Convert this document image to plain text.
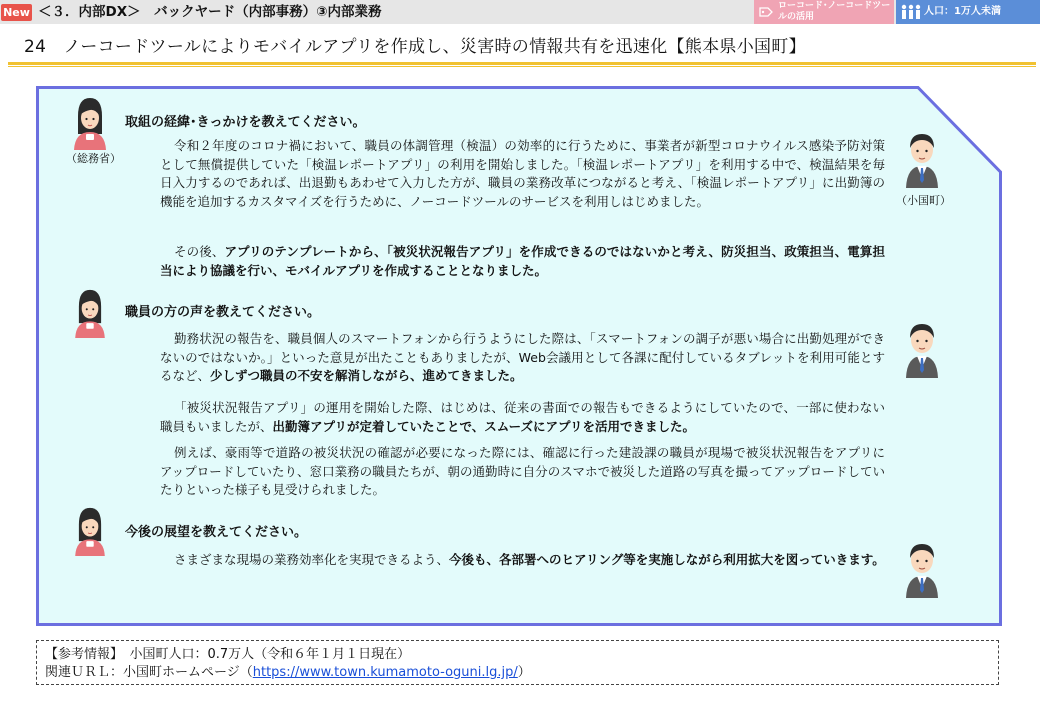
New ＜３．内部DX＞　バックヤード（内部事務）③内部業務	ローコード･ノーコードツールの活用	人口：1万人未満
24　ノーコードツールによりモバイルアプリを作成し、災害時の情報共有を迅速化【熊本県小国町】
（総務省）
（小国町）
取組の経緯･きっかけを教えてください。

令和２年度のコロナ禍において、職員の体調管理（検温）の効率的に行うために、事業者が新型コロナウイルス感染予防対策として無償提供していた「検温レポートアプリ」の利用を開始しました。「検温レポートアプリ」を利用する中で、検温結果を毎日入力するのであれば、出退勤もあわせて入力した方が、職員の業務改革につながると考え、「検温レポートアプリ」に出勤簿の機能を追加するカスタマイズを行うために、ノーコードツールのサービスを利用しはじめました。

その後、アプリのテンプレートから、「被災状況報告アプリ」を作成できるのではないかと考え、防災担当、政策担当、電算担当により協議を行い、モバイルアプリを作成することとなりました。

職員の方の声を教えてください。

勤務状況の報告を、職員個人のスマートフォンから行うようにした際は、「スマートフォンの調子が悪い場合に出勤処理ができないのではないか。」といった意見が出たこともありましたが、Web会議用として各課に配付しているタブレットを利用可能とするなど、少しずつ職員の不安を解消しながら、進めてきました。

「被災状況報告アプリ」の運用を開始した際、はじめは、従来の書面での報告もできるようにしていたので、一部に使わない職員もいましたが、出勤簿アプリが定着していたことで、スムーズにアプリを活用できました。

例えば、豪雨等で道路の被災状況の確認が必要になった際には、確認に行った建設課の職員が現場で被災状況報告をアプリにアップロードしていたり、窓口業務の職員たちが、朝の通勤時に自分のスマホで被災した道路の写真を撮ってアップロードしていたりといった様子も見受けられました。

今後の展望を教えてください。

さまざまな現場の業務効率化を実現できるよう、今後も、各部署へのヒアリング等を実施しながら利用拡大を図っていきます。

【参考情報】　小国町人口：0.7万人（令和６年１月１日現在）
関連ＵＲＬ：小国町ホームページ（https://www.town.kumamoto-oguni.lg.jp/）
